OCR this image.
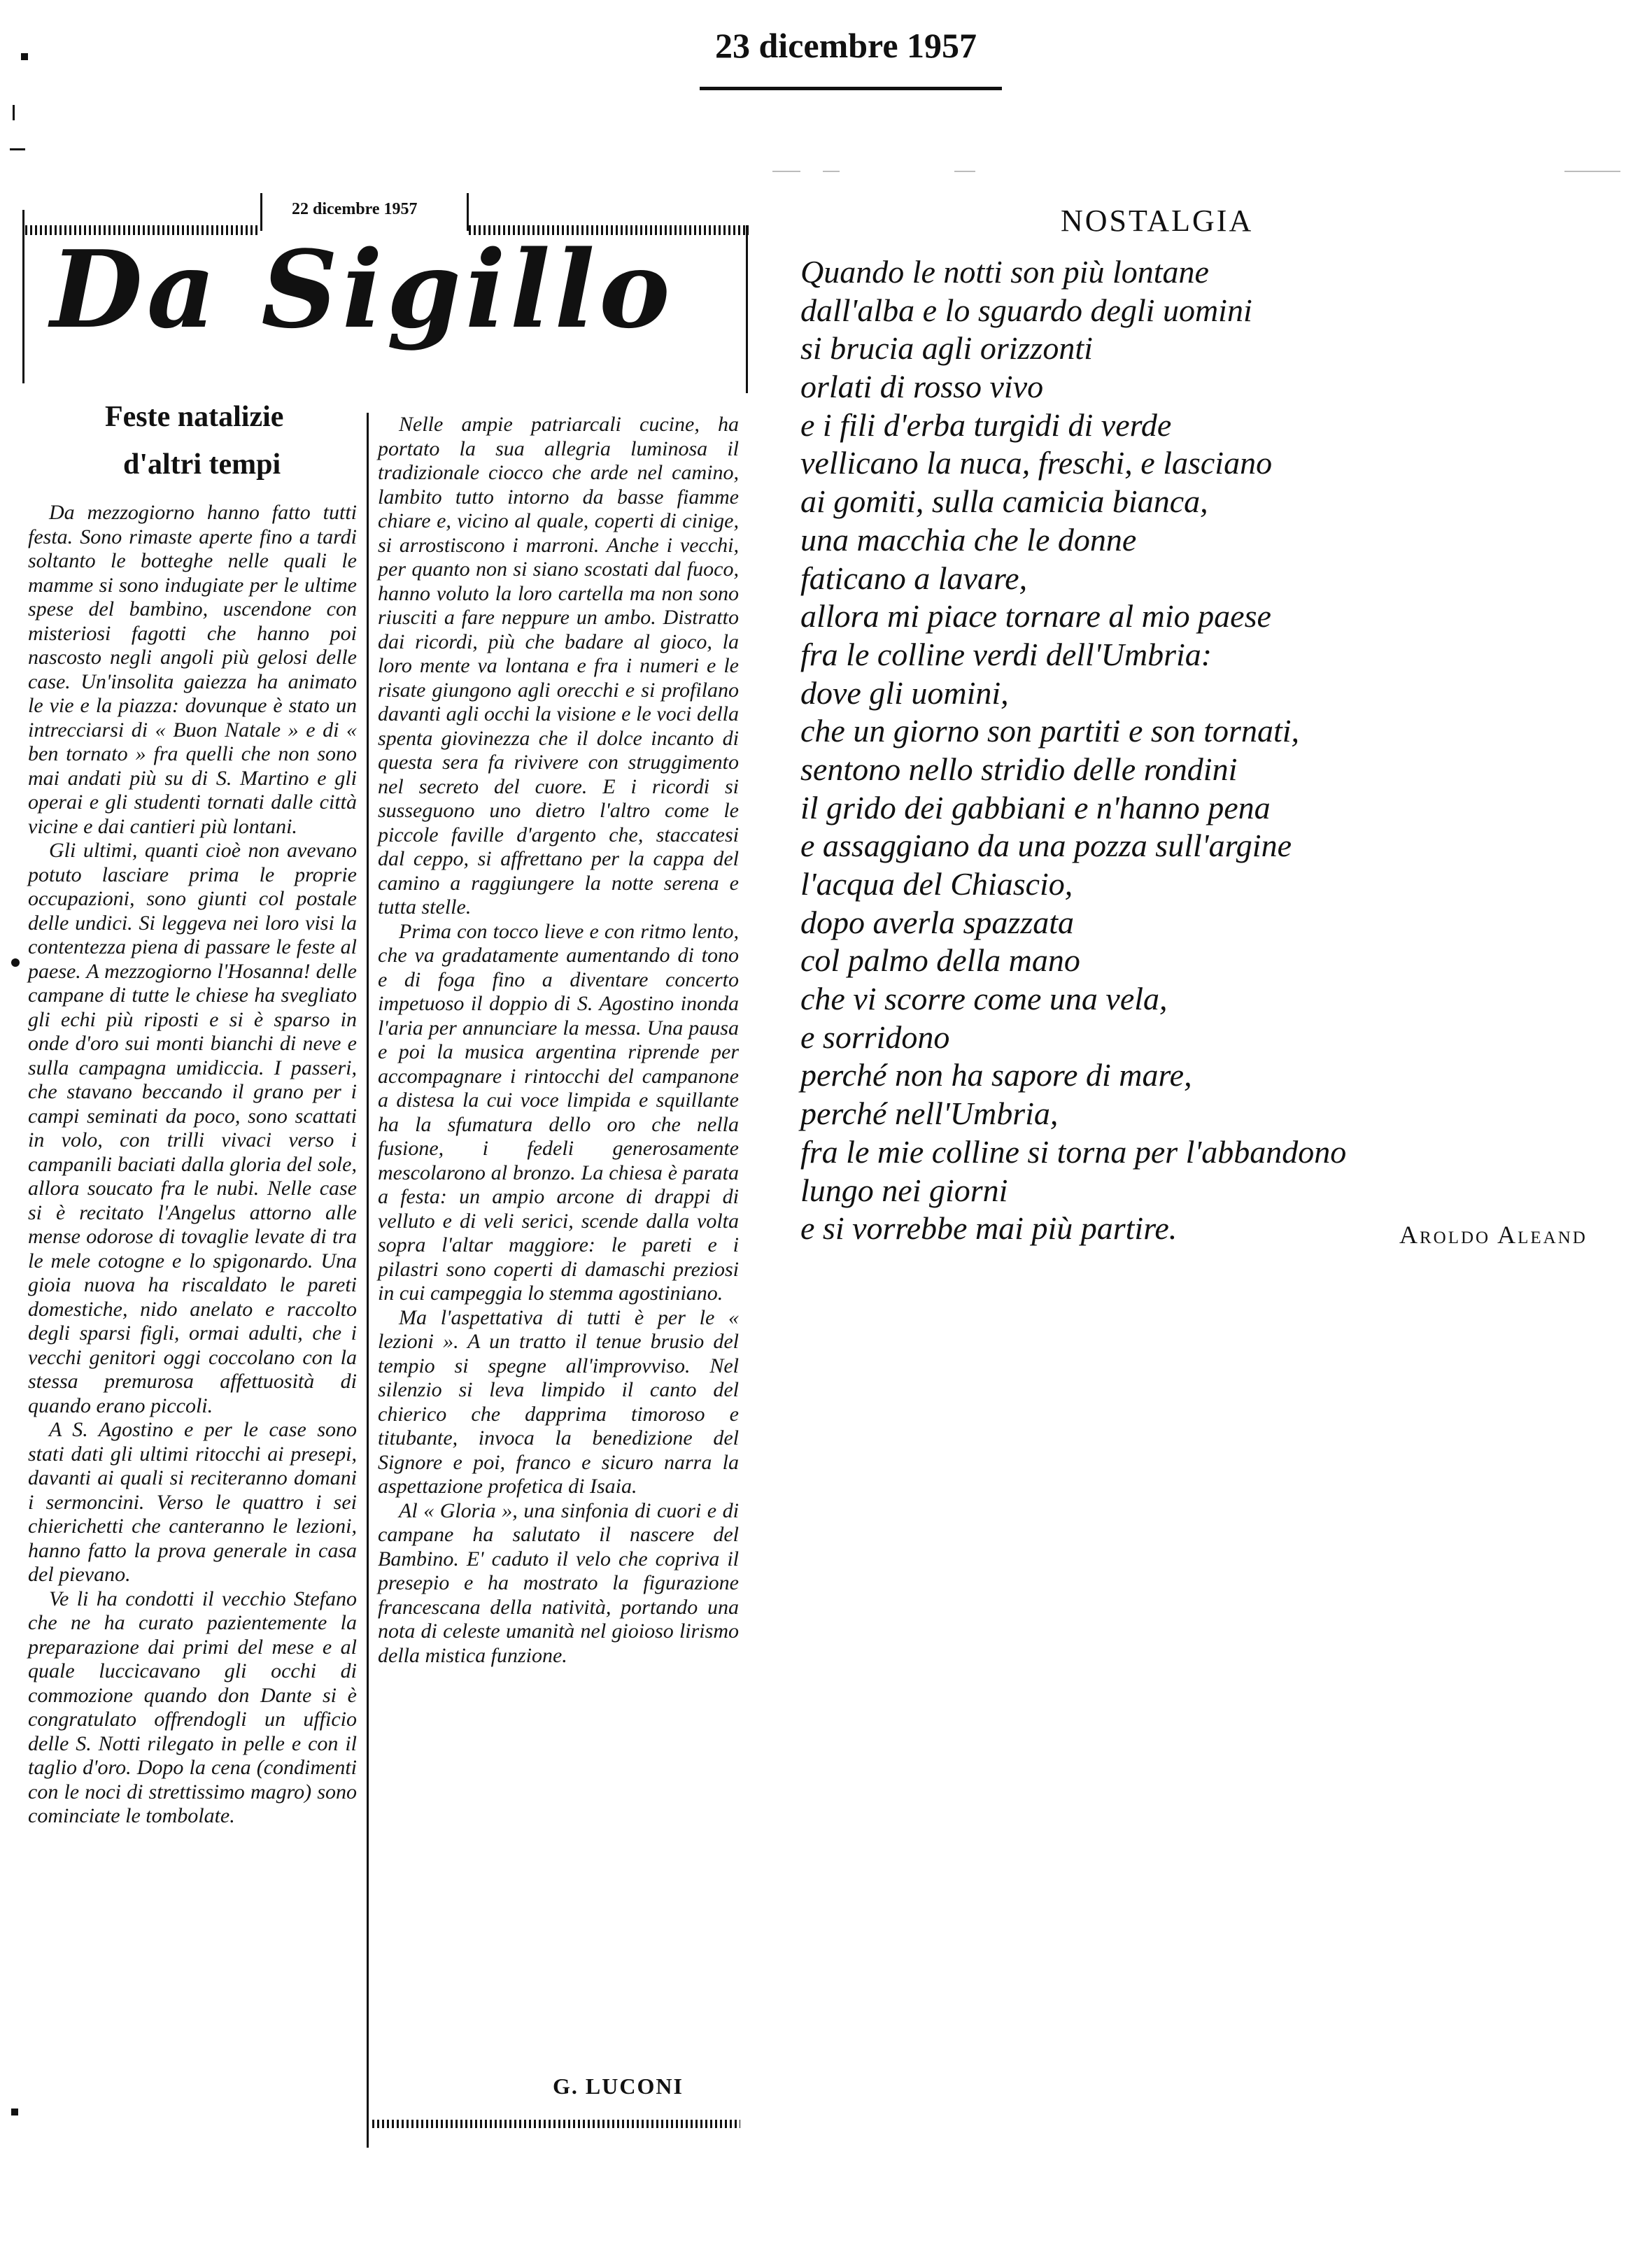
23 dicembre 1957
22 dicembre 1957
Da Sigillo
Feste natalizie
d'altri tempi

Da mezzogiorno hanno fatto tutti festa. Sono rimaste aperte fino a tardi soltanto le botteghe nelle quali le mamme si sono indugiate per le ultime spese del bambino, uscendone con misteriosi fagotti che hanno poi nascosto negli angoli più gelosi delle case. Un'insolita gaiezza ha animato le vie e la piazza: dovunque è stato un intrecciarsi di « Buon Natale » e di « ben tornato » fra quelli che non sono mai andati più su di S. Martino e gli operai e gli studenti tornati dalle città vicine e dai cantieri più lontani.

Gli ultimi, quanti cioè non avevano potuto lasciare prima le proprie occupazioni, sono giunti col postale delle undici. Si leggeva nei loro visi la contentezza piena di passare le feste al paese. A mezzogiorno l'Hosanna! delle campane di tutte le chiese ha svegliato gli echi più riposti e si è sparso in onde d'oro sui monti bianchi di neve e sulla campagna umidiccia. I passeri, che stavano beccando il grano per i campi seminati da poco, sono scattati in volo, con trilli vivaci verso i campanili baciati dalla gloria del sole, allora soucato fra le nubi. Nelle case si è recitato l'Angelus attorno alle mense odorose di tovaglie levate di tra le mele cotogne e lo spigonardo. Una gioia nuova ha riscaldato le pareti domestiche, nido anelato e raccolto degli sparsi figli, ormai adulti, che i vecchi genitori oggi coccolano con la stessa premurosa affettuosità di quando erano piccoli.

A S. Agostino e per le case sono stati dati gli ultimi ritocchi ai presepi, davanti ai quali si reciteranno domani i sermoncini. Verso le quattro i sei chierichetti che canteranno le lezioni, hanno fatto la prova generale in casa del pievano.

Ve li ha condotti il vecchio Stefano che ne ha curato pazientemente la preparazione dai primi del mese e al quale luccicavano gli occhi di commozione quando don Dante si è congratulato offrendogli un ufficio delle S. Notti rilegato in pelle e con il taglio d'oro. Dopo la cena (condimenti con le noci di strettissimo magro) sono cominciate le tombolate.

Nelle ampie patriarcali cucine, ha portato la sua allegria luminosa il tradizionale ciocco che arde nel camino, lambito tutto intorno da basse fiamme chiare e, vicino al quale, coperti di cinige, si arrostiscono i marroni. Anche i vecchi, per quanto non si siano scostati dal fuoco, hanno voluto la loro cartella ma non sono riusciti a fare neppure un ambo. Distratto dai ricordi, più che badare al gioco, la loro mente va lontana e fra i numeri e le risate giungono agli orecchi e si profilano davanti agli occhi la visione e le voci della spenta giovinezza che il dolce incanto di questa sera fa rivivere con struggimento nel secreto del cuore. E i ricordi si susseguono uno dietro l'altro come le piccole faville d'argento che, staccatesi dal ceppo, si affrettano per la cappa del camino a raggiungere la notte serena e tutta stelle.

Prima con tocco lieve e con ritmo lento, che va gradatamente aumentando di tono e di foga fino a diventare concerto impetuoso il doppio di S. Agostino inonda l'aria per annunciare la messa. Una pausa e poi la musica argentina riprende per accompagnare i rintocchi del campanone a distesa la cui voce limpida e squillante ha la sfumatura dello oro che nella fusione, i fedeli generosamente mescolarono al bronzo. La chiesa è parata a festa: un ampio arcone di drappi di velluto e di veli serici, scende dalla volta sopra l'altar maggiore: le pareti e i pilastri sono coperti di damaschi preziosi in cui campeggia lo stemma agostiniano.

Ma l'aspettativa di tutti è per le « lezioni ». A un tratto il tenue brusio del tempio si spegne all'improvviso. Nel silenzio si leva limpido il canto del chierico che dapprima timoroso e titubante, invoca la benedizione del Signore e poi, franco e sicuro narra la aspettazione profetica di Isaia.

Al « Gloria », una sinfonia di cuori e di campane ha salutato il nascere del Bambino. E' caduto il velo che copriva il presepio e ha mostrato la figurazione francescana della natività, portando una nota di celeste umanità nel gioioso lirismo della mistica funzione.

G. LUCONI
NOSTALGIA
Quando le notti son più lontane
dall'alba e lo sguardo degli uomini
si brucia agli orizzonti
orlati di rosso vivo
e i fili d'erba turgidi di verde
vellicano la nuca, freschi, e lasciano
ai gomiti, sulla camicia bianca,
una macchia che le donne
faticano a lavare,
allora mi piace tornare al mio paese
fra le colline verdi dell'Umbria:
dove gli uomini,
che un giorno son partiti e son tornati,
sentono nello stridio delle rondini
il grido dei gabbiani e n'hanno pena
e assaggiano da una pozza sull'argine
l'acqua del Chiascio,
dopo averla spazzata
col palmo della mano
che vi scorre come una vela,
e sorridono
perché non ha sapore di mare,
perché nell'Umbria,
fra le mie colline si torna per l'abbandono
lungo nei giorni
e si vorrebbe mai più partire.	Aroldo Aleand
